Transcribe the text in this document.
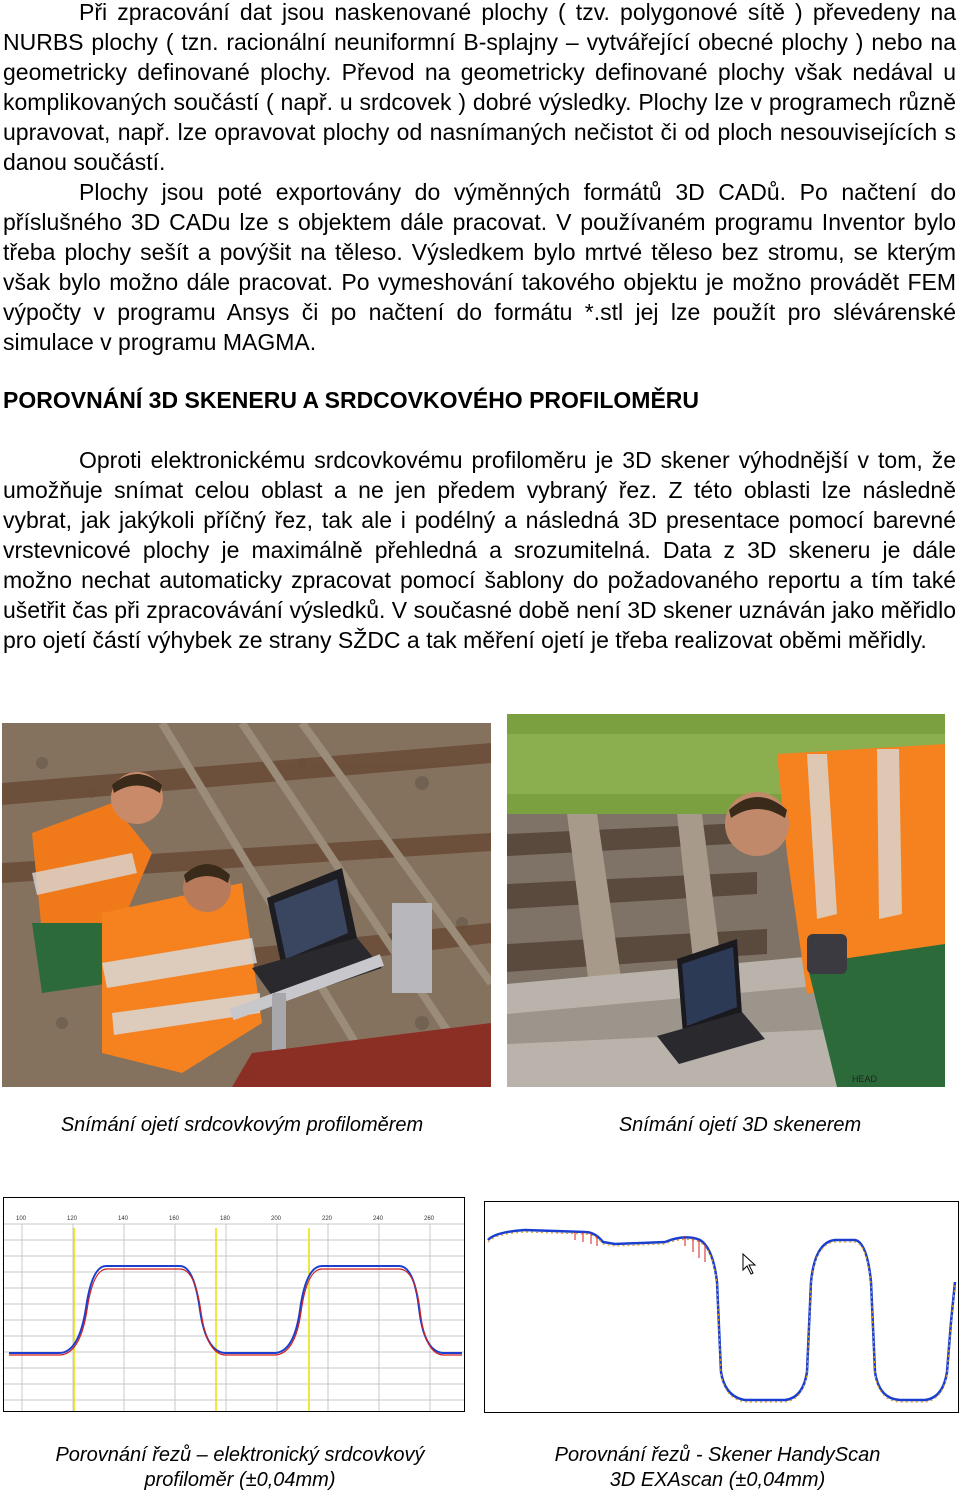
Při zpracování dat jsou naskenované plochy ( tzv. polygonové sítě ) převedeny na NURBS plochy ( tzn. racionální neuniformní B-splajny – vytvářející obecné plochy ) nebo na geometricky definované plochy. Převod na geometricky definované plochy však nedával u komplikovaných součástí ( např. u srdcovek ) dobré výsledky. Plochy lze v programech různě upravovat, např. lze opravovat plochy od nasnímaných nečistot či od ploch nesouvisejících s danou součástí.

Plochy jsou poté exportovány do výměnných formátů 3D CADů. Po načtení do příslušného 3D CADu lze s objektem dále pracovat. V používaném programu Inventor bylo třeba plochy sešít a povýšit na těleso. Výsledkem bylo mrtvé těleso bez stromu, se kterým však bylo možno dále pracovat. Po vymeshování takového objektu je možno provádět FEM výpočty v programu Ansys či po načtení do formátu *.stl jej lze použít pro slévárenské simulace v programu MAGMA.

POROVNÁNÍ 3D SKENERU A SRDCOVKOVÉHO PROFILOMĚRU

Oproti elektronickému srdcovkovému profiloměru je 3D skener výhodnější v tom, že umožňuje snímat celou oblast a ne jen předem vybraný řez. Z této oblasti lze následně vybrat, jak jakýkoli příčný řez, tak ale i podélný a následná 3D presentace pomocí barevné vrstevnicové plochy je maximálně přehledná a srozumitelná. Data z 3D skeneru je dále možno nechat automaticky zpracovat pomocí šablony do požadovaného reportu a tím také ušetřit čas při zpracovávání výsledků. V současné době není 3D skener uznáván jako měřidlo pro ojetí částí výhybek ze strany SŽDC a tak měření ojetí je třeba realizovat oběmi měřidly.

HEAD

Snímání ojetí srdcovkovým profiloměrem	Snímání ojetí 3D skenerem

100	120	140	160	180	200	220	240	260
Porovnání řezů – elektronický srdcovkový
profiloměr (±0,04mm)
Porovnání řezů - Skener HandyScan
3D EXAscan (±0,04mm)
